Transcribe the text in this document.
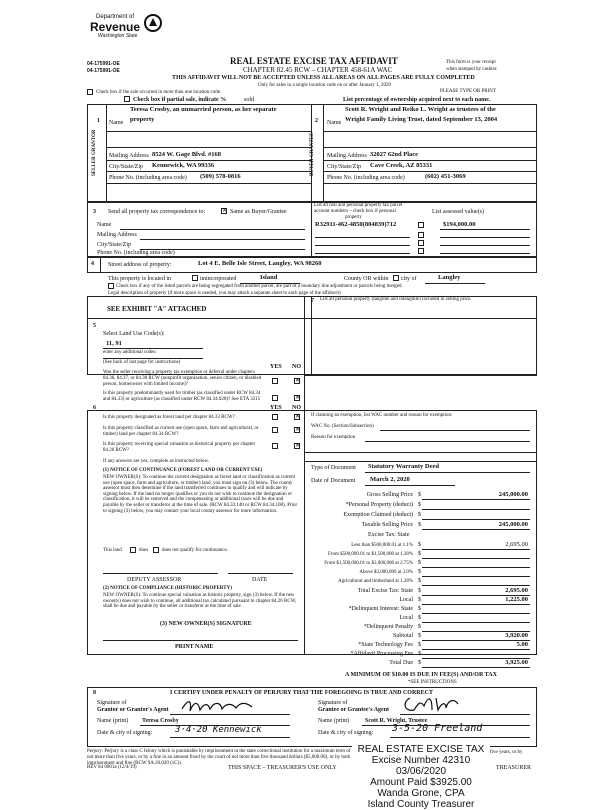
Department of
Revenue
Washington State
04-175991-OE
04-175991-OE
REAL ESTATE EXCISE TAX AFFIDAVIT
CHAPTER 82.45 RCW – CHAPTER 458-61A WAC
THIS AFFIDAVIT WILL NOT BE ACCEPTED UNLESS ALL AREAS ON ALL PAGES ARE FULLY COMPLETED
Only for sales in a single location code on or after January 1, 2020
This form is your receipt
when stamped by cashier.
PLEASE TYPE OR PRINT
Check box if the sale occurred in more than one location code.
Check box if partial sale, indicate %	sold	List percentage of ownership acquired next to each name.
1
SELLER GRANTOR
Name
Teresa Crosby, an unmarried person, as her separate
property
Mailing Address 8524 W. Gage Blvd. #168
City/State/Zip Kennewick, WA 99336
Phone No. (including area code) (509) 578-0816
2
BUYER GRANTEE
Name
Scott R. Wright and Reiko L. Wright as trustees of the
Wright Family Living Trust, dated September 13, 2004
Mailing Address 32027 62nd Place
City/State/Zip Cave Creek, AZ 85331
Phone No. (including area code)	(602) 451-3069
3 Send all property tax correspondence to:	✕ Same as Buyer/Grantee
Name
Mailing Address
City/State/Zip
Phone No. (including area code)
List all real and personal property tax parcel
account numbers – check box if personal
property
List assessed value(s)
R32911-462-4850(804839)712	$194,000.00
4 Street address of property:	Lot 4 E. Belle Isle Street, Langley, WA 98260
This property is located in	unincorporated	Island	County OR within city of	Langley
Check box if any of the listed parcels are being segregated from another parcel, are part of a boundary line adjustment or parcels being merged.
Legal description of property (if more space is needed, you may attach a separate sheet to each page of the affidavit)
SEE EXHIBIT "A" ATTACHED
5
Select Land Use Code(s):
11, 91
enter any additional codes:
(See back of last page for instructions)
YES NO
Was the seller receiving a property tax exemption or deferral under chapters 84.36, 84.37, or 84.38 RCW (nonprofit organization, senior citizen, or disabled person, homeowner with limited income)?
✕
Is this property predominantly used for timber (as classified under RCW 84.34 and 84.33) or agriculture (as classified under RCW 84.34.020)? See ETA 3215	✕
6	YES NO
Is this property designated as forest land per chapter 84.33 RCW?	✕
Is this property classified as current use (open space, farm and agricultural, or timber) land per chapter 84.34 RCW?
✕
Is this property receiving special valuation as historical property per chapter 84.26 RCW?
✕
If any answers are yes, complete as instructed below.
(1) NOTICE OF CONTINUANCE (FOREST LAND OR CURRENT USE)
NEW OWNER(S): To continue the current designation as forest land or classification as current use (open space, farm and agriculture, or timber) land, you must sign on (3) below. The county assessor must then determine if the land transferred continues to qualify and will indicate by signing below. If the land no longer qualifies or you do not wish to continue the designation or classification, it will be removed and the compensating or additional taxes will be due and payable by the seller or transferor at the time of sale. (RCW 84.33.140 or RCW 84.34.108). Prior to signing (3) below, you may contact your local county assessor for more information.
This land	does	does not qualify for continuance.
DEPUTY ASSESSOR	DATE
(2) NOTICE OF COMPLIANCE (HISTORIC PROPERTY)
NEW OWNER(S): To continue special valuation as historic property, sign (3) below. If the new owner(s) does not wish to continue, all additional tax calculated pursuant to chapter 84.26 RCW, shall be due and payable by the seller or transferor at the time of sale.
(3) NEW OWNER(S) SIGNATURE
PRINT NAME
7 List all personal property (tangible and intangible) included in selling price.
If claiming an exemption, list WAC number and reason for exemption:
WAC No. (Section/Subsection)
Reason for exemption
Type of Document Statutory Warranty Deed
Date of Document March 2, 2020
Gross Selling Price $	245,000.00
*Personal Property (deduct) $
Exemption Claimed (deduct) $
Taxable Selling Price $	245,000.00
Excise Tax: State
Less than $500,000.01 at 1.1% $	2,695.00
From $500,000.01 to $1,500,000 at 1.28% $
From $1,500,000.01 to $3,000,000 at 2.75% $
Above $3,000,000 at 3.0% $
Agricultural and timberland at 1.28% $
Total Excise Tax: State $	2,695.00
Local $	1,225.00
*Delinquent Interest: State $
Local $
*Delinquent Penalty $
Subtotal $	3,920.00
*State Technology Fee $	5.00
*Affidavit Processing Fee $
Total Due $	3,925.00
A MINIMUM OF $10.00 IS DUE IN FEE(S) AND/OR TAX
*SEE INSTRUCTIONS
8	I CERTIFY UNDER PENALTY OF PERJURY THAT THE FOREGOING IS TRUE AND CORRECT
Signature of
Grantor or Grantor's Agent
Name (print) Teresa Crosby
Date & city of signing:	3·4·20 Kennewick
Signature of
Grantee or Grantee's Agent
Name (print)	Scott R. Wright, Trustee
Date & city of signing: 3-5-20 Freeland
Perjury: Perjury is a class C felony which is punishable by imprisonment in the state correctional institution for a maximum term of not more than five years, or by a fine in an amount fixed by the court of not more than five thousand dollars ($5,000.00), or by both imprisonment and fine (RCW 9A.20.020 (1C)).
five years, or by
REV 84 0001a (12/4/19)	THIS SPACE – TREASURER'S USE ONLY	TREASURER
REAL ESTATE EXCISE TAX
Excise Number 42310
03/06/2020
Amount Paid $3925.00
Wanda Grone, CPA
Island County Treasurer
